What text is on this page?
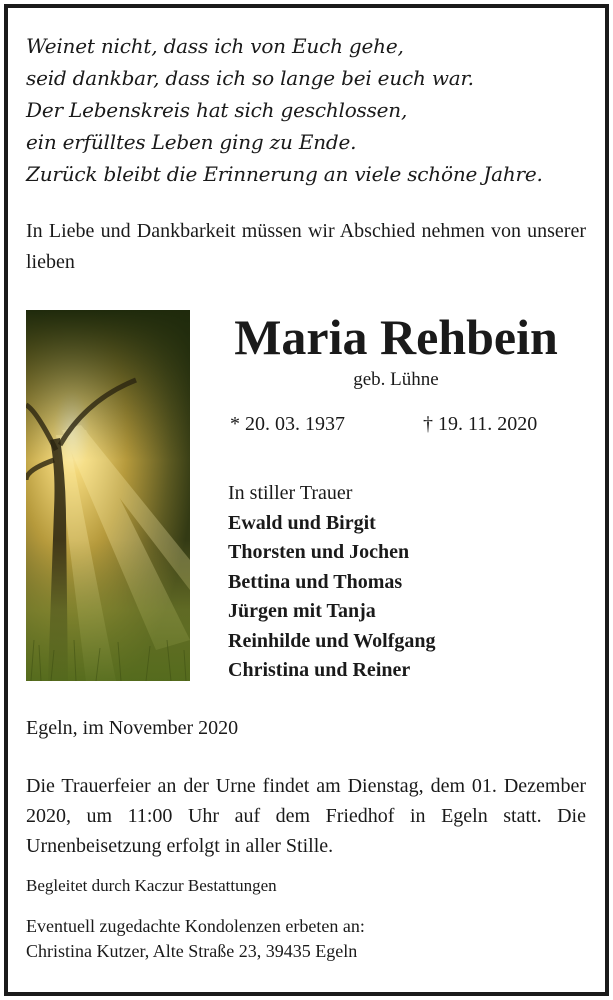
Weinet nicht, dass ich von Euch gehe,
seid dankbar, dass ich so lange bei euch war.
Der Lebenskreis hat sich geschlossen,
ein erfülltes Leben ging zu Ende.
Zurück bleibt die Erinnerung an viele schöne Jahre.
In Liebe und Dankbarkeit müssen wir Abschied nehmen von unserer lieben
Maria Rehbein
geb. Lühne
* 20. 03. 1937	† 19. 11. 2020
In stiller Trauer
Ewald und Birgit
Thorsten und Jochen
Bettina und Thomas
Jürgen mit Tanja
Reinhilde und Wolfgang
Christina und Reiner
Egeln, im November 2020
Die Trauerfeier an der Urne findet am Dienstag, dem 01. Dezember 2020, um 11:00 Uhr auf dem Friedhof in Egeln statt. Die Urnenbeisetzung erfolgt in aller Stille.
Begleitet durch Kaczur Bestattungen
Eventuell zugedachte Kondolenzen erbeten an:
Christina Kutzer, Alte Straße 23, 39435 Egeln
